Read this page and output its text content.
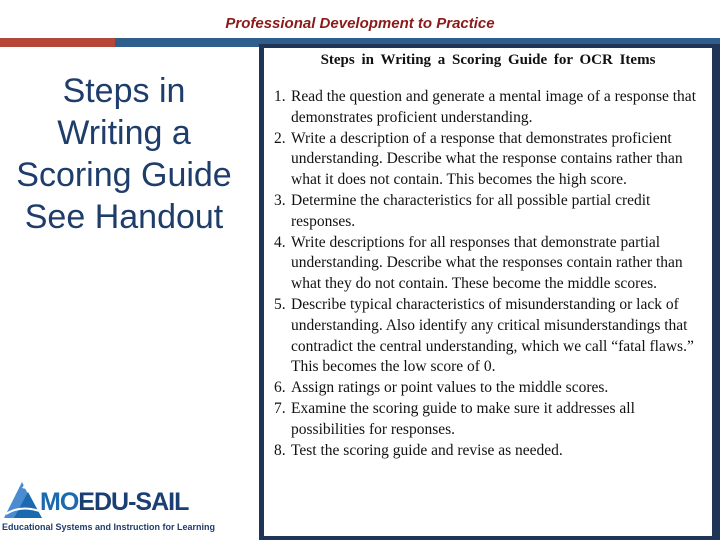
Professional Development to Practice
Steps in
Writing a
Scoring Guide
See Handout
MOEDU-SAIL
Educational Systems and Instruction for Learning
Steps in Writing a Scoring Guide for OCR Items
1. Read the question and generate a mental image of a response that demonstrates proficient understanding.
2. Write a description of a response that demonstrates proficient understanding. Describe what the response contains rather than what it does not contain. This becomes the high score.
3. Determine the characteristics for all possible partial credit responses.
4. Write descriptions for all responses that demonstrate partial understanding. Describe what the responses contain rather than what they do not contain. These become the middle scores.
5. Describe typical characteristics of misunderstanding or lack of understanding. Also identify any critical misunderstandings that contradict the central understanding, which we call “fatal flaws.” This becomes the low score of 0.
6. Assign ratings or point values to the middle scores.
7. Examine the scoring guide to make sure it addresses all possibilities for responses.
8. Test the scoring guide and revise as needed.
